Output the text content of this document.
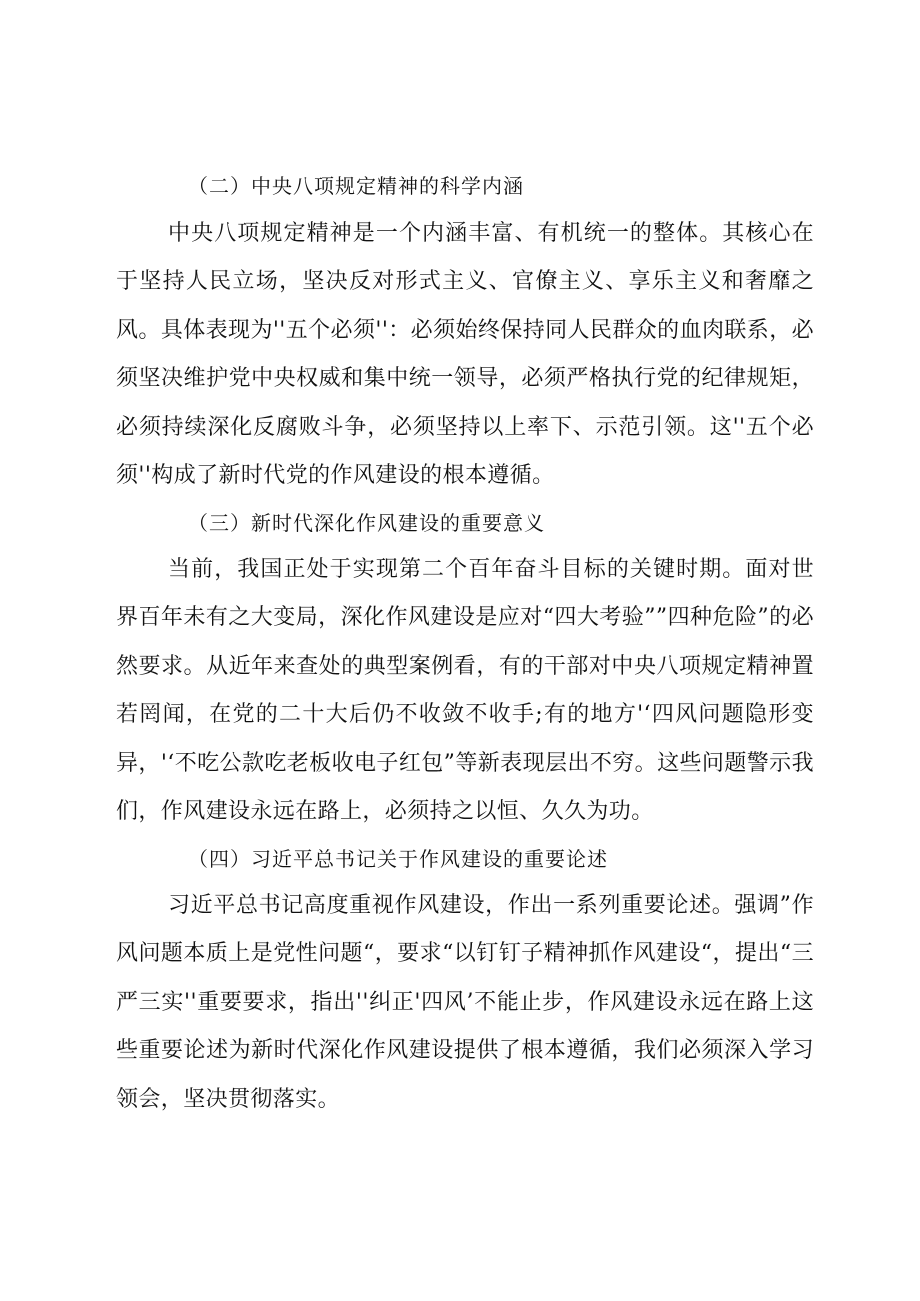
（二）中央八项规定精神的科学内涵

中央八项规定精神是一个内涵丰富、有机统一的整体。其核心在于坚持人民立场，坚决反对形式主义、官僚主义、享乐主义和奢靡之风。具体表现为''五个必须''：必须始终保持同人民群众的血肉联系，必须坚决维护党中央权威和集中统一领导，必须严格执行党的纪律规矩，必须持续深化反腐败斗争，必须坚持以上率下、示范引领。这''五个必须''构成了新时代党的作风建设的根本遵循。

（三）新时代深化作风建设的重要意义

当前，我国正处于实现第二个百年奋斗目标的关键时期。面对世界百年未有之大变局，深化作风建设是应对“四大考验””四种危险”的必然要求。从近年来查处的典型案例看，有的干部对中央八项规定精神置若罔闻，在党的二十大后仍不收敛不收手;有的地方'‘四风问题隐形变异，'‘不吃公款吃老板收电子红包”等新表现层出不穷。这些问题警示我们，作风建设永远在路上，必须持之以恒、久久为功。

（四）习近平总书记关于作风建设的重要论述

习近平总书记高度重视作风建设，作出一系列重要论述。强调”作风问题本质上是党性问题“，要求“以钉钉子精神抓作风建设“，提出“三严三实''重要要求，指出''纠正'四风’不能止步，作风建设永远在路上这些重要论述为新时代深化作风建设提供了根本遵循，我们必须深入学习领会，坚决贯彻落实。
